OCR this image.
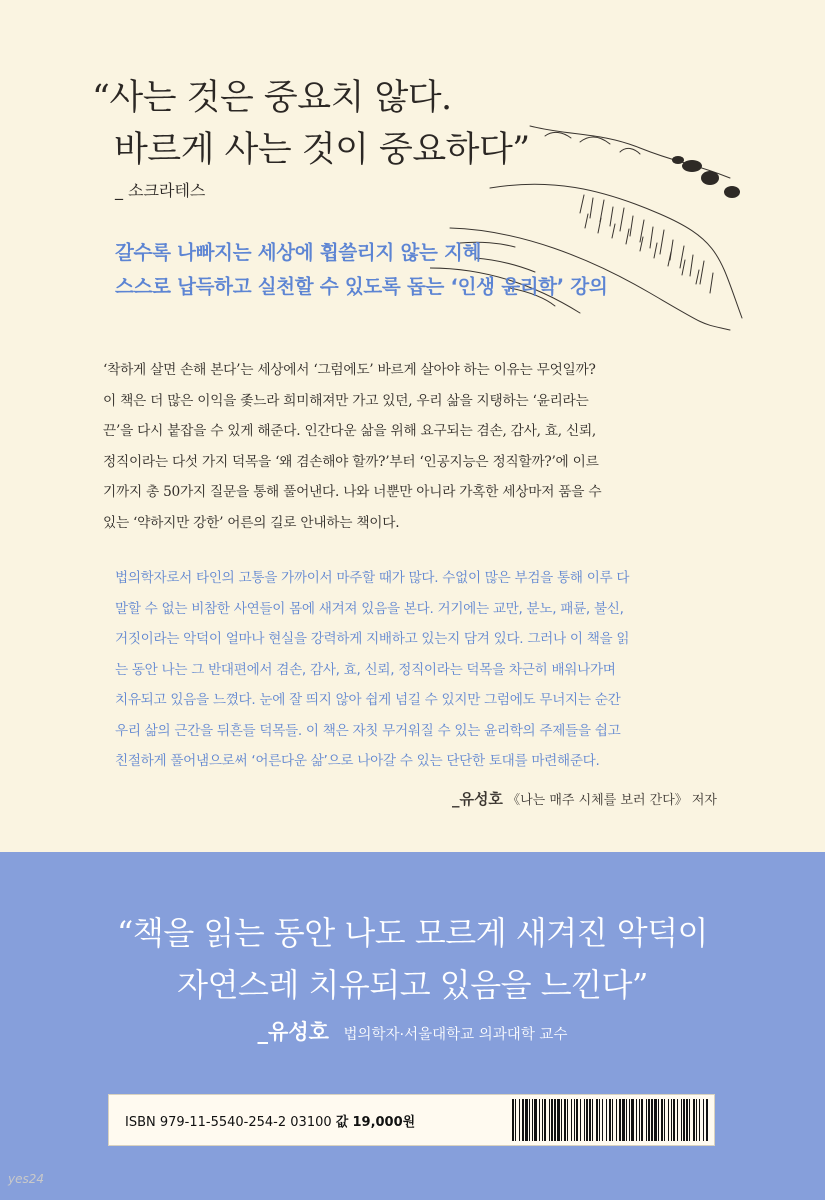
“사는 것은 중요치 않다.
바르게 사는 것이 중요하다”
_ 소크라테스
갈수록 나빠지는 세상에 휩쓸리지 않는 지혜
스스로 납득하고 실천할 수 있도록 돕는 ‘인생 윤리학’ 강의
‘착하게 살면 손해 본다’는 세상에서 ‘그럼에도’ 바르게 살아야 하는 이유는 무엇일까?
이 책은 더 많은 이익을 좇느라 희미해져만 가고 있던, 우리 삶을 지탱하는 ‘윤리라는
끈’을 다시 붙잡을 수 있게 해준다. 인간다운 삶을 위해 요구되는 겸손, 감사, 효, 신뢰,
정직이라는 다섯 가지 덕목을 ‘왜 겸손해야 할까?’부터 ‘인공지능은 정직할까?’에 이르
기까지 총 50가지 질문을 통해 풀어낸다. 나와 너뿐만 아니라 가혹한 세상마저 품을 수
있는 ‘약하지만 강한’ 어른의 길로 안내하는 책이다.
법의학자로서 타인의 고통을 가까이서 마주할 때가 많다. 수없이 많은 부검을 통해 이루 다
말할 수 없는 비참한 사연들이 몸에 새겨져 있음을 본다. 거기에는 교만, 분노, 패륜, 불신,
거짓이라는 악덕이 얼마나 현실을 강력하게 지배하고 있는지 담겨 있다. 그러나 이 책을 읽
는 동안 나는 그 반대편에서 겸손, 감사, 효, 신뢰, 정직이라는 덕목을 차근히 배워나가며
치유되고 있음을 느꼈다. 눈에 잘 띄지 않아 쉽게 넘길 수 있지만 그럼에도 무너지는 순간
우리 삶의 근간을 뒤흔들 덕목들. 이 책은 자칫 무거워질 수 있는 윤리학의 주제들을 쉽고
친절하게 풀어냄으로써 ‘어른다운 삶’으로 나아갈 수 있는 단단한 토대를 마련해준다.
_유성호 《나는 매주 시체를 보러 간다》 저자
“책을 읽는 동안 나도 모르게 새겨진 악덕이
자연스레 치유되고 있음을 느낀다”
_유성호 법의학자·서울대학교 의과대학 교수
ISBN 979-11-5540-254-2 03100 값 19,000원
yes24
